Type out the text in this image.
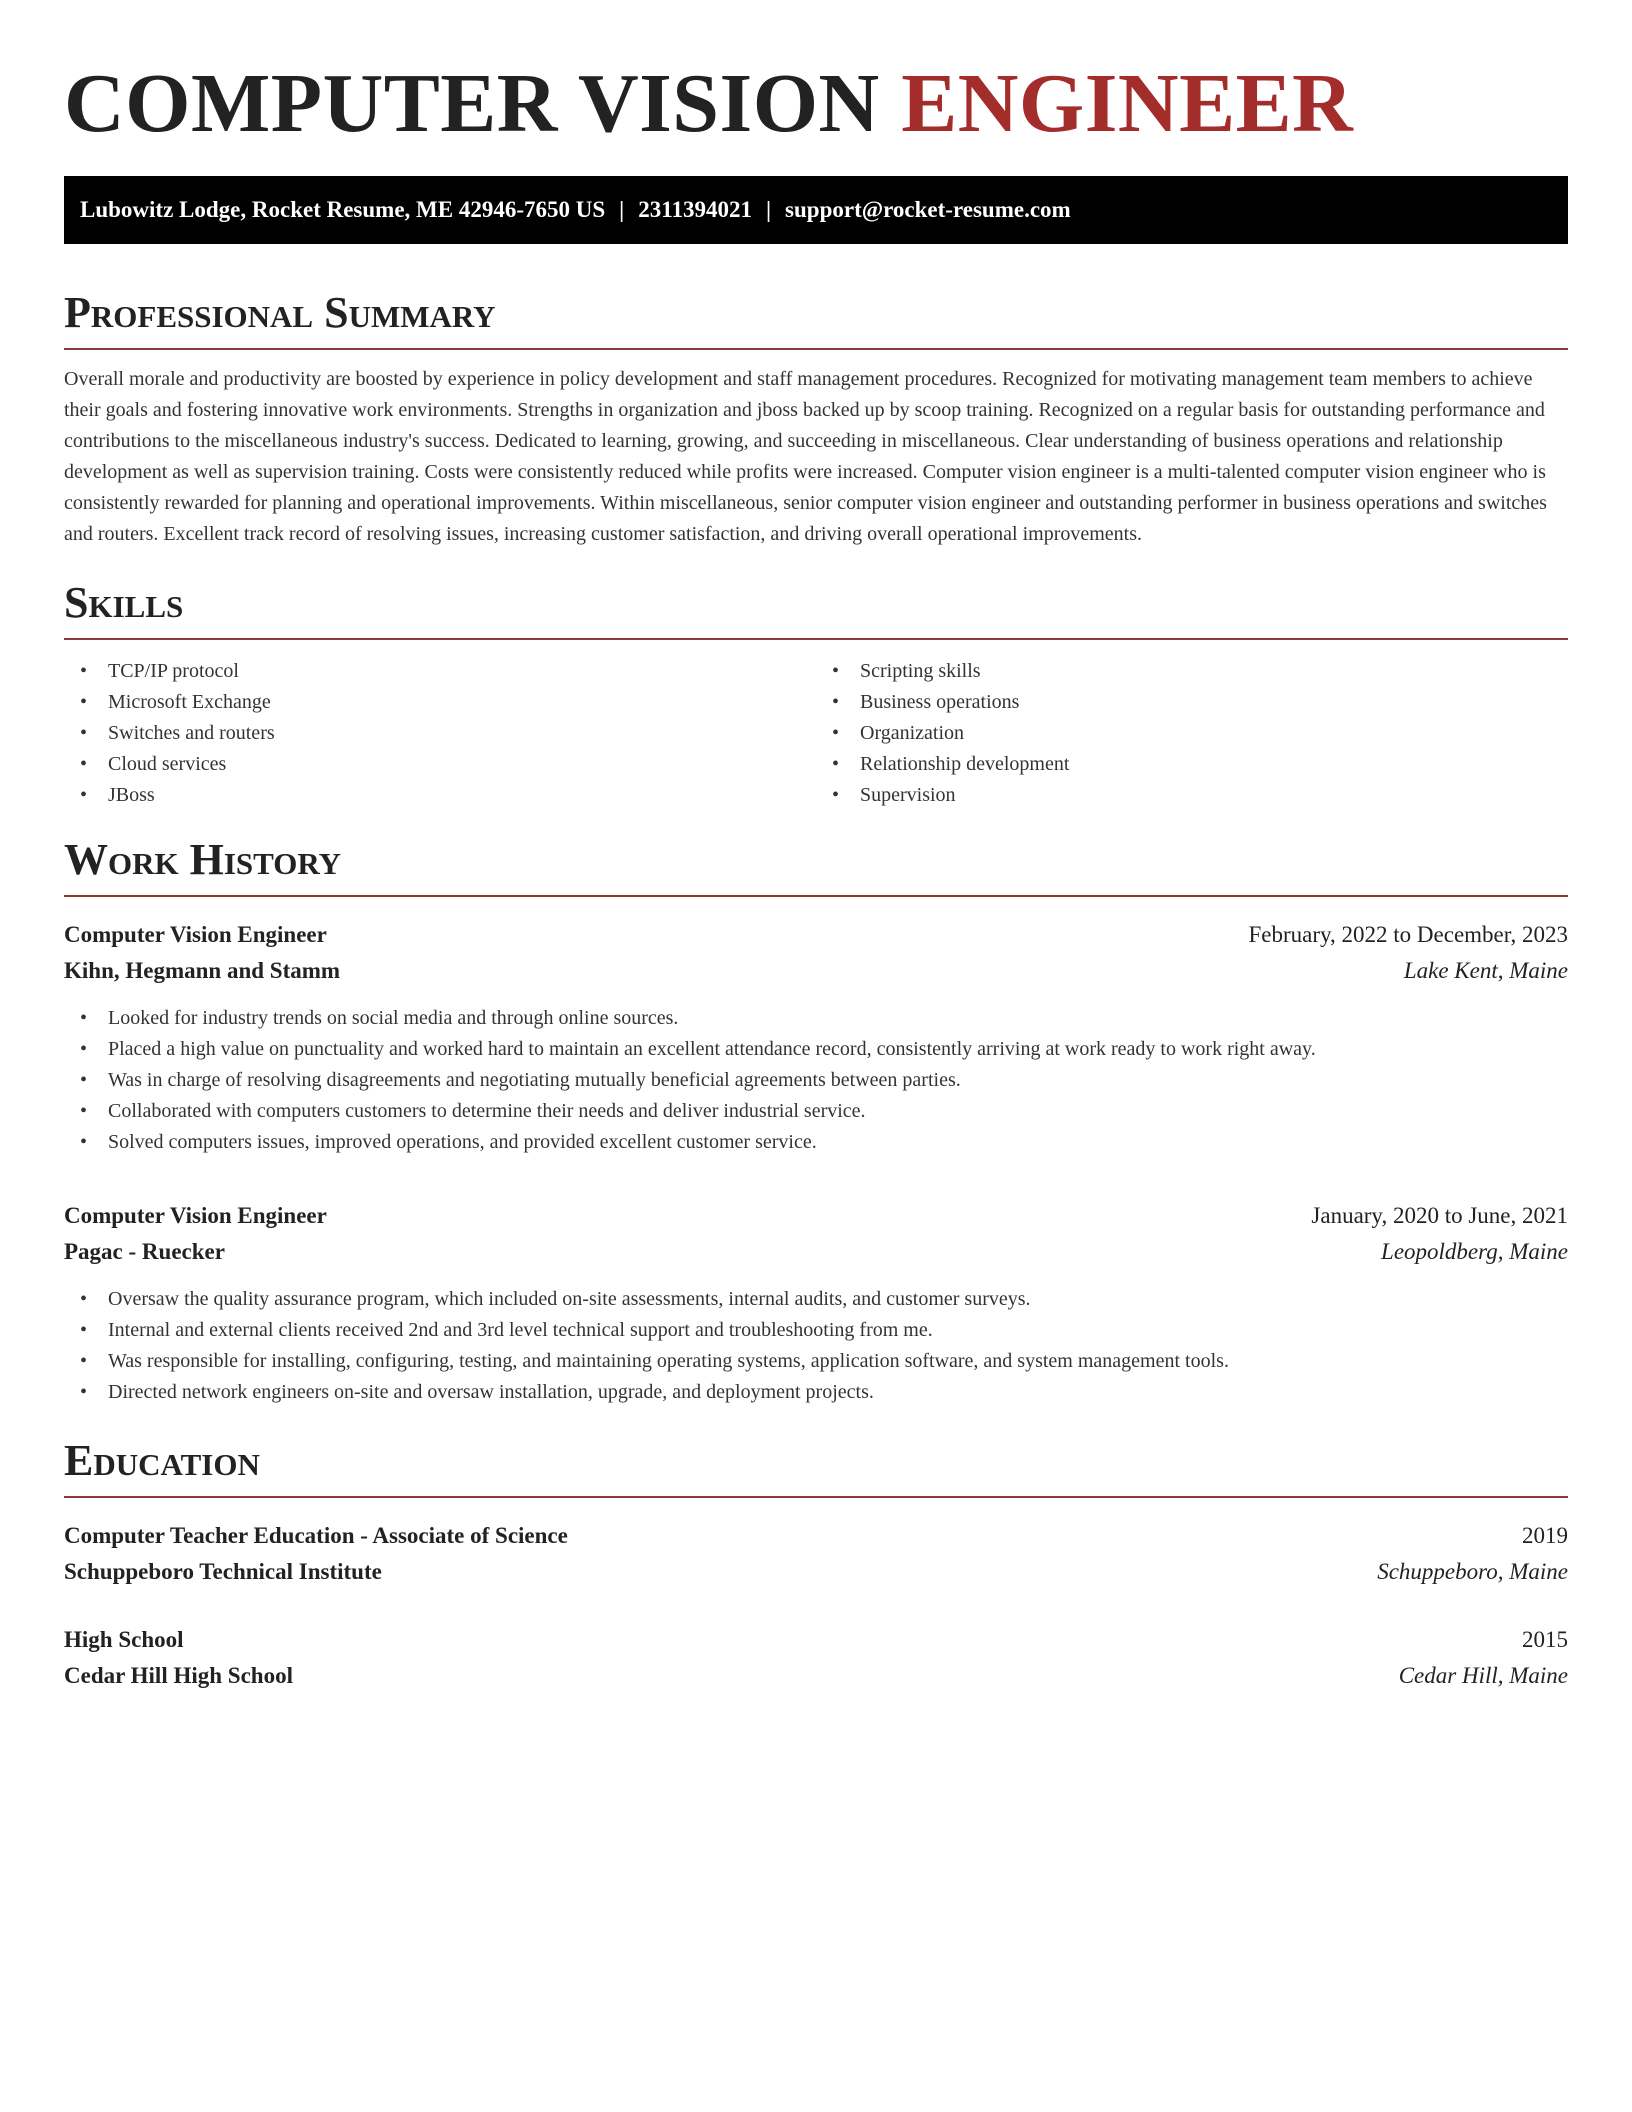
COMPUTER VISION ENGINEER
Lubowitz Lodge, Rocket Resume, ME 42946-7650 US | 2311394021 | support@rocket-resume.com
Professional Summary

Overall morale and productivity are boosted by experience in policy development and staff management procedures. Recognized for motivating management team members to achieve their goals and fostering innovative work environments. Strengths in organization and jboss backed up by scoop training. Recognized on a regular basis for outstanding performance and contributions to the miscellaneous industry's success. Dedicated to learning, growing, and succeeding in miscellaneous. Clear understanding of business operations and relationship development as well as supervision training. Costs were consistently reduced while profits were increased. Computer vision engineer is a multi-talented computer vision engineer who is consistently rewarded for planning and operational improvements. Within miscellaneous, senior computer vision engineer and outstanding performer in business operations and switches and routers. Excellent track record of resolving issues, increasing customer satisfaction, and driving overall operational improvements.

Skills
• TCP/IP protocol
• Microsoft Exchange
• Switches and routers
• Cloud services
• JBoss
• Scripting skills
• Business operations
• Organization
• Relationship development
• Supervision
Work History
Computer Vision Engineer	February, 2022 to December, 2023
Kihn, Hegmann and Stamm	Lake Kent, Maine
• Looked for industry trends on social media and through online sources.
• Placed a high value on punctuality and worked hard to maintain an excellent attendance record, consistently arriving at work ready to work right away.
• Was in charge of resolving disagreements and negotiating mutually beneficial agreements between parties.
• Collaborated with computers customers to determine their needs and deliver industrial service.
• Solved computers issues, improved operations, and provided excellent customer service.
Computer Vision Engineer	January, 2020 to June, 2021
Pagac - Ruecker	Leopoldberg, Maine
• Oversaw the quality assurance program, which included on-site assessments, internal audits, and customer surveys.
• Internal and external clients received 2nd and 3rd level technical support and troubleshooting from me.
• Was responsible for installing, configuring, testing, and maintaining operating systems, application software, and system management tools.
• Directed network engineers on-site and oversaw installation, upgrade, and deployment projects.
Education
Computer Teacher Education - Associate of Science	2019
Schuppeboro Technical Institute	Schuppeboro, Maine
High School	2015
Cedar Hill High School	Cedar Hill, Maine
